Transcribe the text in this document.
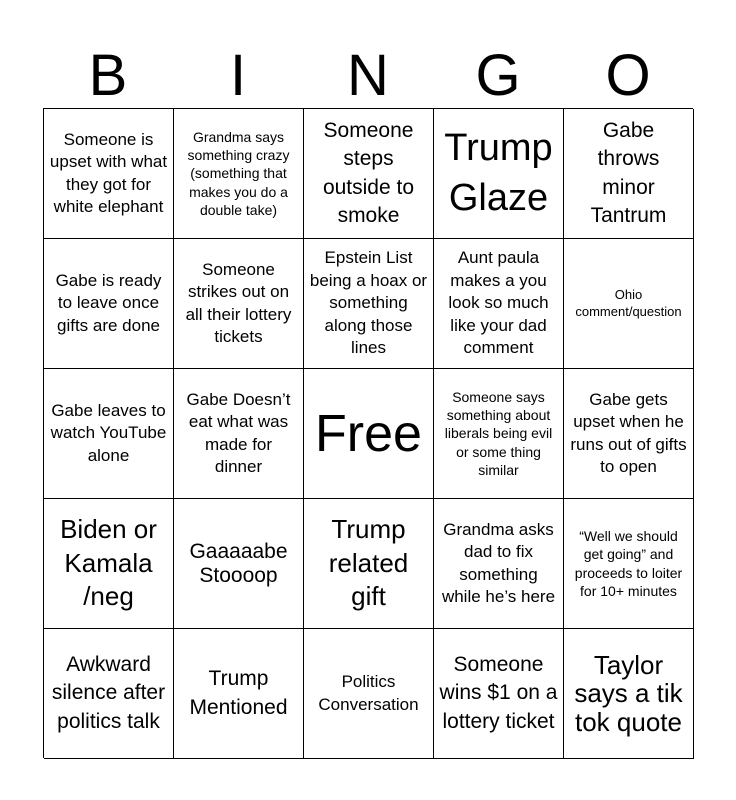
B	I	N	G	O
Someone is upset with what they got for white elephant
Grandma says something crazy (something that makes you do a double take)
Someone steps outside to smoke
Trump Glaze
Gabe throws minor Tantrum
Gabe is ready to leave once gifts are done
Someone strikes out on all their lottery tickets
Epstein List being a hoax or something along those lines
Aunt paula makes a you look so much like your dad comment
Ohio comment/question
Gabe leaves to watch YouTube alone
Gabe Doesn’t eat what was made for dinner
Free
Someone says something about liberals being evil or some thing similar
Gabe gets upset when he runs out of gifts to open
Biden or Kamala /neg
Gaaaaabe Stoooop
Trump related gift
Grandma asks dad to fix something while he’s here
“Well we should get going” and proceeds to loiter for 10+ minutes
Awkward silence after politics talk
Trump Mentioned
Politics Conversation
Someone wins $1 on a lottery ticket
Taylor says a tik tok quote
